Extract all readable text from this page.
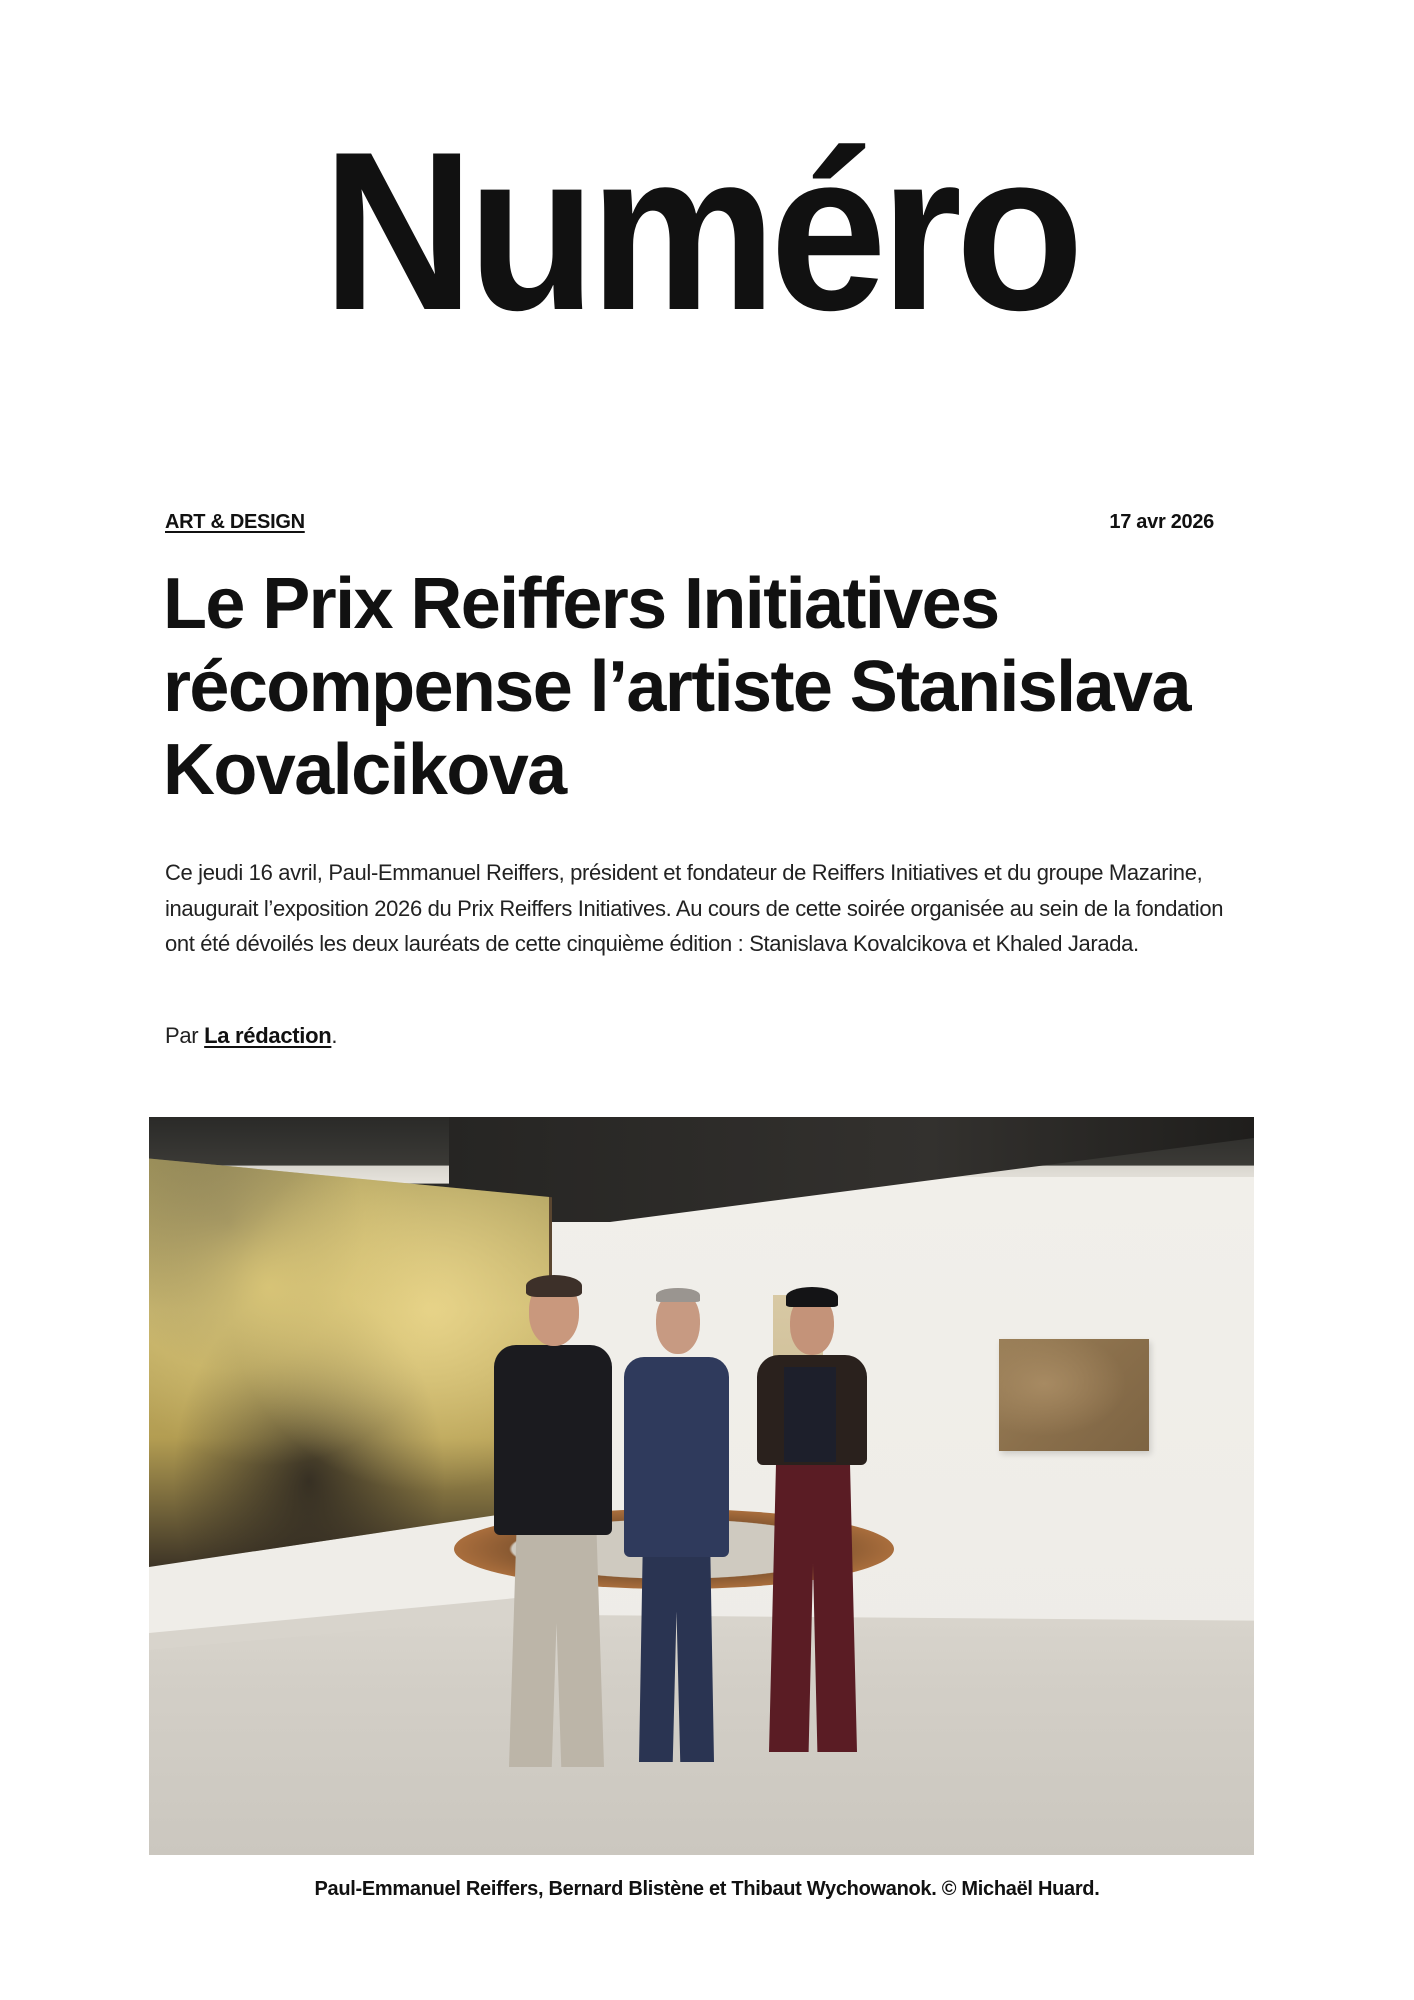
Numéro
ART & DESIGN	17 avr 2026
Le Prix Reiffers Initiatives récompense l’artiste Stanislava Kovalcikova

Ce jeudi 16 avril, Paul-Emmanuel Reiffers, président et fondateur de Reiffers Initiatives et du groupe Mazarine, inaugurait l’exposition 2026 du Prix Reiffers Initiatives. Au cours de cette soirée organisée au sein de la fondation ont été dévoilés les deux lauréats de cette cinquième édition : Stanislava Kovalcikova et Khaled Jarada.

Par La rédaction.

Paul-Emmanuel Reiffers, Bernard Blistène et Thibaut Wychowanok. © Michaël Huard.
